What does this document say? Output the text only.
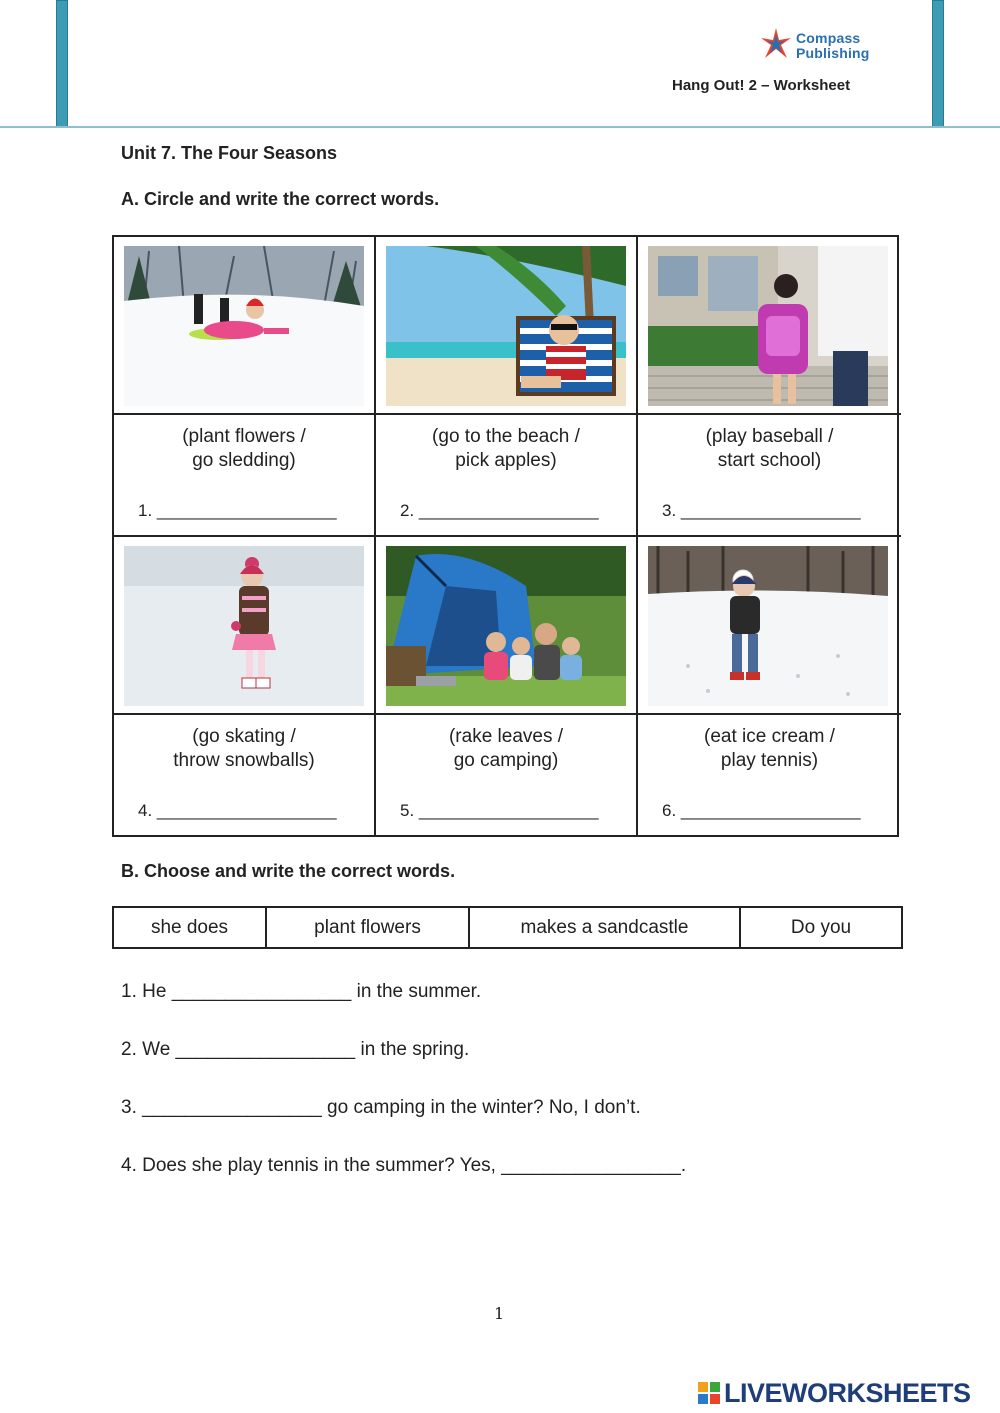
Compass
Publishing
Hang Out! 2 – Worksheet
Unit 7. The Four Seasons
A. Circle and write the correct words.
(plant flowers /
go sledding)
1. ___________________
(go to the beach /
pick apples)
2. ___________________
(play baseball /
start school)
3. ___________________
(go skating /
throw snowballs)
4. ___________________
(rake leaves /
go camping)
5. ___________________
(eat ice cream /
play tennis)
6. ___________________
B. Choose and write the correct words.
she does	plant flowers	makes a sandcastle	Do you
1. He _________________ in the summer.
2. We _________________ in the spring.
3. _________________ go camping in the winter? No, I don’t.
4. Does she play tennis in the summer? Yes, _________________.
1
LIVEWORKSHEETS
